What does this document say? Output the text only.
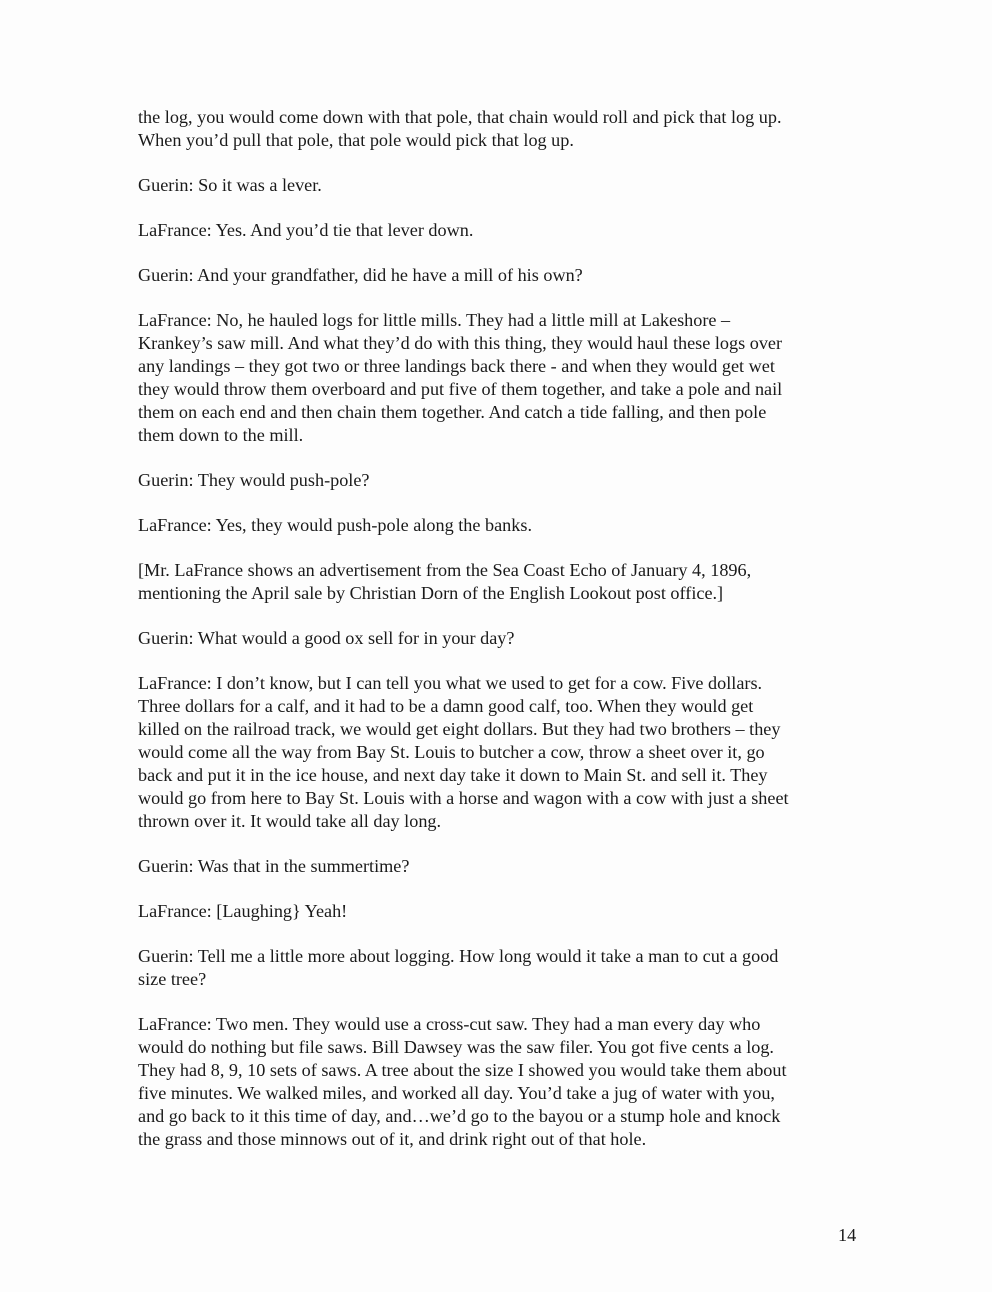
the log, you would come down with that pole, that chain would roll and pick that log up.
When you’d pull that pole, that pole would pick that log up.

Guerin: So it was a lever.

LaFrance: Yes. And you’d tie that lever down.

Guerin: And your grandfather, did he have a mill of his own?

LaFrance: No, he hauled logs for little mills. They had a little mill at Lakeshore –
Krankey’s saw mill. And what they’d do with this thing, they would haul these logs over
any landings – they got two or three landings back there - and when they would get wet
they would throw them overboard and put five of them together, and take a pole and nail
them on each end and then chain them together. And catch a tide falling, and then pole
them down to the mill.

Guerin: They would push-pole?

LaFrance: Yes, they would push-pole along the banks.

[Mr. LaFrance shows an advertisement from the Sea Coast Echo of January 4, 1896,
mentioning the April sale by Christian Dorn of the English Lookout post office.]

Guerin: What would a good ox sell for in your day?

LaFrance: I don’t know, but I can tell you what we used to get for a cow. Five dollars.
Three dollars for a calf, and it had to be a damn good calf, too. When they would get
killed on the railroad track, we would get eight dollars. But they had two brothers – they
would come all the way from Bay St. Louis to butcher a cow, throw a sheet over it, go
back and put it in the ice house, and next day take it down to Main St. and sell it. They
would go from here to Bay St. Louis with a horse and wagon with a cow with just a sheet
thrown over it. It would take all day long.

Guerin: Was that in the summertime?

LaFrance: [Laughing} Yeah!

Guerin: Tell me a little more about logging. How long would it take a man to cut a good
size tree?

LaFrance: Two men. They would use a cross-cut saw. They had a man every day who
would do nothing but file saws. Bill Dawsey was the saw filer. You got five cents a log.
They had 8, 9, 10 sets of saws. A tree about the size I showed you would take them about
five minutes. We walked miles, and worked all day. You’d take a jug of water with you,
and go back to it this time of day, and…we’d go to the bayou or a stump hole and knock
the grass and those minnows out of it, and drink right out of that hole.

14
